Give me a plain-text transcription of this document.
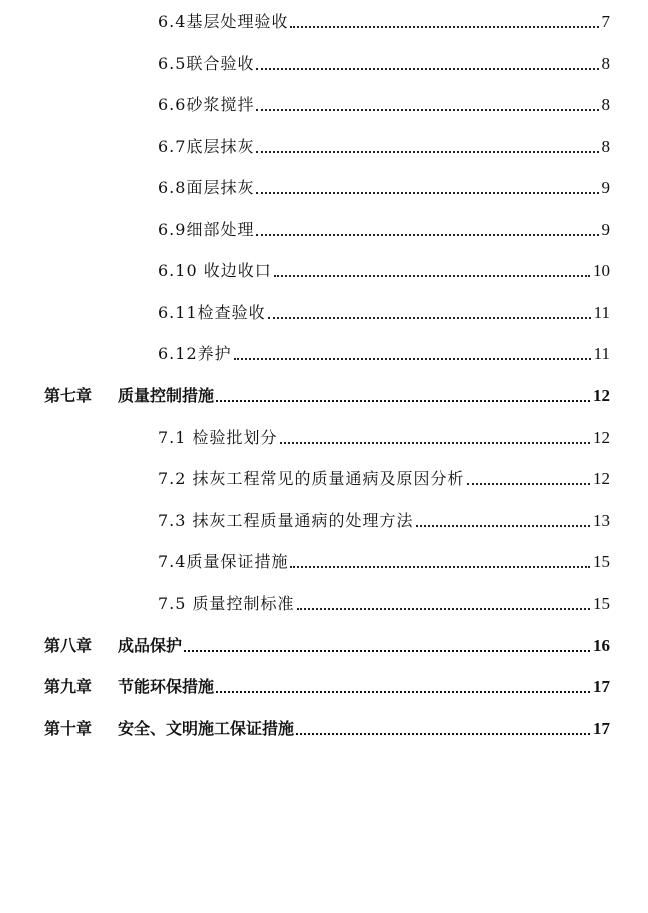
6.4基层处理验收	7
6.5联合验收	8
6.6砂浆搅拌	8
6.7底层抹灰	8
6.8面层抹灰	9
6.9细部处理	9
6.10 收边收口	10
6.11检查验收	11
6.12养护	11
第七章	质量控制措施	12
7.1 检验批划分	12
7.2 抹灰工程常见的质量通病及原因分析	12
7.3 抹灰工程质量通病的处理方法	13
7.4质量保证措施	15
7.5 质量控制标准	15
第八章	成品保护	16
第九章	节能环保措施	17
第十章	安全、文明施工保证措施	17
